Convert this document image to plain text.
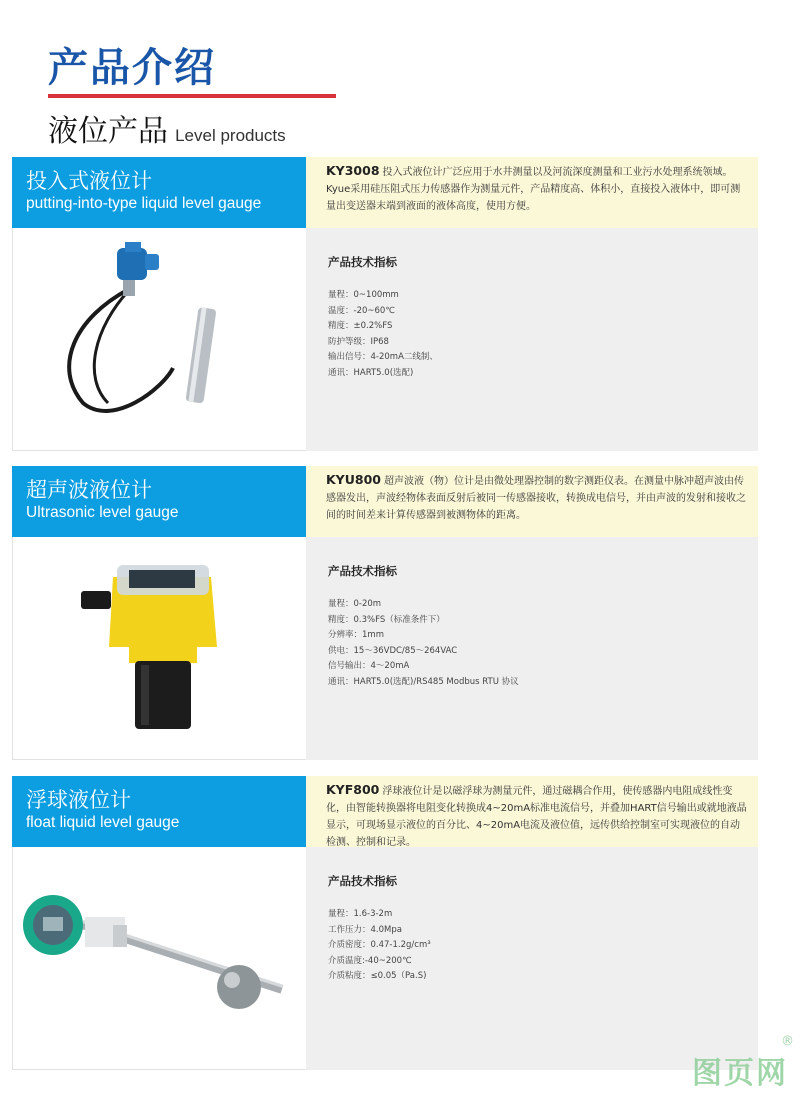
产品介绍
液位产品 Level products
投入式液位计
putting-into-type liquid level gauge
KY3008 投入式液位计广泛应用于水井测量以及河流深度测量和工业污水处理系统领域。Kyue采用硅压阻式压力传感器作为测量元件，产品精度高、体积小，直接投入液体中，即可测量出变送器末端到液面的液体高度，使用方便。
产品技术指标
量程：0~100mm
温度：-20~60℃
精度：±0.2%FS
防护等级：IP68
输出信号：4-20mA二线制、
通讯：HART5.0(选配)
超声波液位计
Ultrasonic level gauge
KYU800 超声波液（物）位计是由微处理器控制的数字测距仪表。在测量中脉冲超声波由传感器发出，声波经物体表面反射后被同一传感器接收，转换成电信号，并由声波的发射和接收之间的时间差来计算传感器到被测物体的距离。
产品技术指标
量程：0-20m
精度：0.3%FS（标准条件下）
分辨率：1mm
供电：15～36VDC/85～264VAC
信号输出：4～20mA
通讯：HART5.0(选配)/RS485 Modbus RTU 协议
浮球液位计
float liquid level gauge
KYF800 浮球液位计是以磁浮球为测量元件，通过磁耦合作用，使传感器内电阻成线性变化，由智能转换器将电阻变化转换成4~20mA标准电流信号，并叠加HART信号输出或就地液晶显示，可现场显示液位的百分比、4~20mA电流及液位值，远传供给控制室可实现液位的自动检测、控制和记录。
产品技术指标
量程：1.6-3-2m
工作压力：4.0Mpa
介质密度：0.47-1.2g/cm³
介质温度:-40~200℃
介质粘度：≤0.05（Pa.S)
图页网
®
